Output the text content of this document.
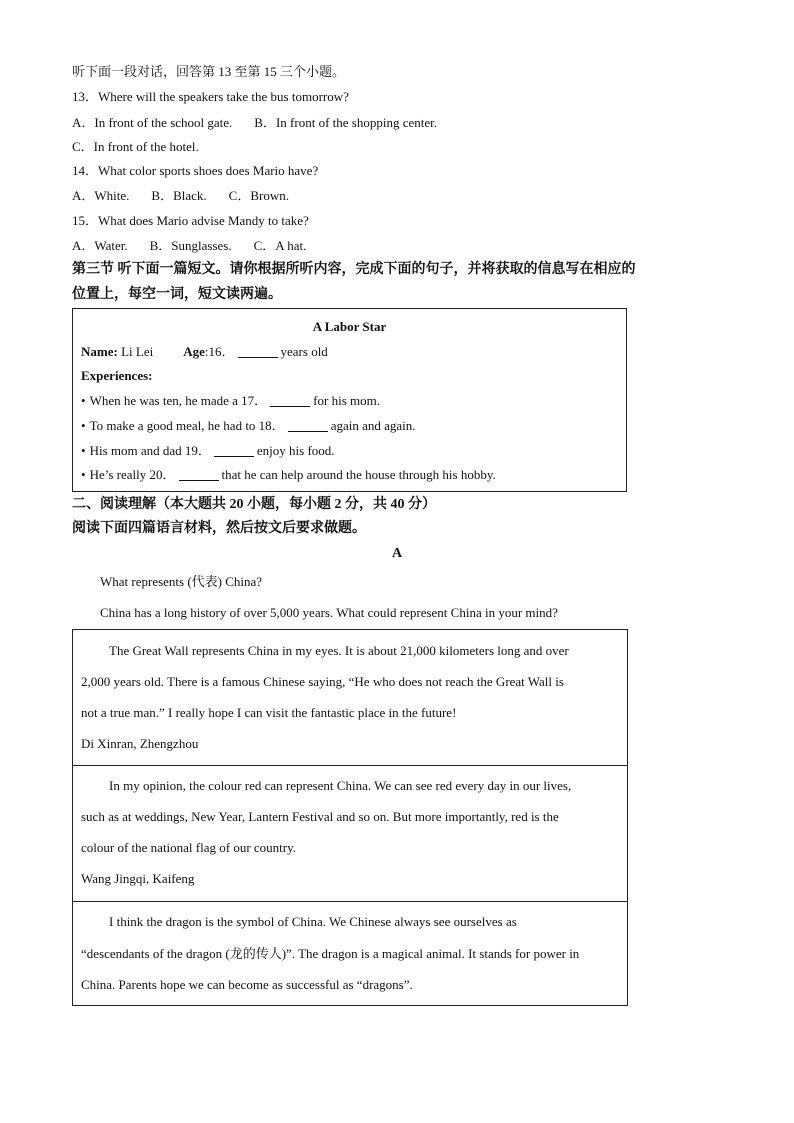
听下面一段对话，回答第 13 至第 15 三个小题。
13．Where will the speakers take the bus tomorrow?
A．In front of the school gate. B．In front of the shopping center.
C．In front of the hotel.
14．What color sports shoes does Mario have?
A．White. B．Black. C．Brown.
15．What does Mario advise Mandy to take?
A．Water. B．Sunglasses. C．A hat.
第三节 听下面一篇短文。请你根据所听内容，完成下面的句子，并将获取的信息写在相应的
位置上，每空一词，短文读两遍。
A Labor Star
Name: Li Lei Age:16．	years old
Experiences:
• When he was ten, he made a 17．	for his mom.
• To make a good meal, he had to 18．	again and again.
• His mom and dad 19．	enjoy his food.
• He’s really 20．	that he can help around the house through his hobby.
二、阅读理解（本大题共 20 小题，每小题 2 分，共 40 分）
阅读下面四篇语言材料，然后按文后要求做题。
A
What represents (代表) China?
China has a long history of over 5,000 years. What could represent China in your mind?
The Great Wall represents China in my eyes. It is about 21,000 kilometers long and over
2,000 years old. There is a famous Chinese saying, “He who does not reach the Great Wall is
not a true man.” I really hope I can visit the fantastic place in the future!
Di Xinran, Zhengzhou
In my opinion, the colour red can represent China. We can see red every day in our lives,
such as at weddings, New Year, Lantern Festival and so on. But more importantly, red is the
colour of the national flag of our country.
Wang Jingqi, Kaifeng
I think the dragon is the symbol of China. We Chinese always see ourselves as
“descendants of the dragon (龙的传人)”. The dragon is a magical animal. It stands for power in
China. Parents hope we can become as successful as “dragons”.
